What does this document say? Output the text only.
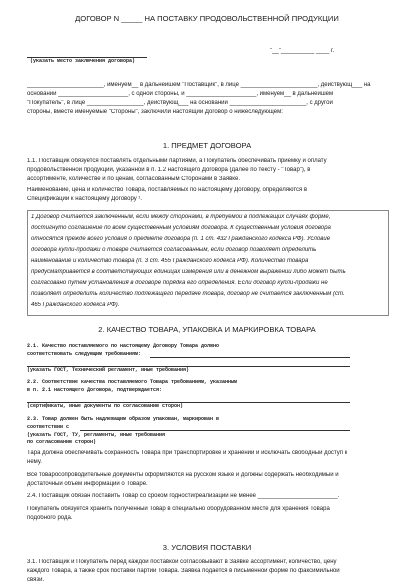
ДОГОВОР N _____ НА ПОСТАВКУ ПРОДОВОЛЬСТВЕННОЙ ПРОДУКЦИИ
"__"__________ ____ г.
(указать место заключения договора)
_______________________, именуем__ в дальнейшем "Поставщик", в лице _______________________, действующ___ на
основании _____________________, с одной стороны, и _____________________, именуем__ в дальнейшем
"Покупатель", в лице _________________, действующ___ на основании _______________________, с другой
стороны, вместе именуемые "Стороны", заключили настоящий Договор о нижеследующем:
1. ПРЕДМЕТ ДОГОВОРА
1.1. Поставщик обязуется поставлять отдельными партиями, а Покупатель обеспечивать приемку и оплату
продовольственной продукции, указанной в п. 1.2 настоящего Договора (далее по тексту - "Товар"), в
ассортименте, количестве и по ценам, согласованным Сторонами в Заявке.
Наименование, цена и количество Товара, поставляемых по настоящему Договору, определяются в
Спецификации к настоящему Договору ¹.
1 Договор считается заключенным, если между сторонами, в требуемой в подлежащих случаях форме,
достигнуто соглашение по всем существенным условиям договора. К существенным условия договора
относятся прежде всего условия о предмете договора (п. 1 ст. 432 Гражданского кодекса РФ). Условие
договора купли-продажи о товаре считается согласованным, если договор позволяет определить
наименование и количество товара (п. 3 ст. 455 Гражданского кодекса РФ). Количество товара
предусматривается в соответствующих единицах измерения или в денежном выражении либо может быть
согласовано путем установления в договоре порядка его определения. Если договор купли-продажи не
позволяет определить количество подлежащего передаче товара, договор не считается заключенным (ст.
465 Гражданского кодекса РФ).
2. КАЧЕСТВО ТОВАРА, УПАКОВКА И МАРКИРОВКА ТОВАРА
2.1. Качество поставляемого по настоящему Договору Товара должно
соответствовать следующим требованиям:
(указать ГОСТ, Технический регламент, иные требования)
2.2. Соответствие качества поставляемого Товара требованиям, указанным
в п. 2.1 настоящего Договора, подтверждается:
(сертификаты, иные документы по согласованию сторон)
2.3. Товар должен быть надлежащим образом упакован, маркирован в
соответствии с
(указать ГОСТ, ТУ, регламенты, иные требования
по согласованию сторон)
Тара должна обеспечивать сохранность Товара при транспортировке и хранении и исключать свободный доступ к
нему.
Все товаросопроводительные документы оформляются на русском языке и должны содержать необходимый и
достаточный объем информации о Товаре.
2.4. Поставщик обязан поставить Товар со сроком годности/реализации не менее ________________________.
Покупатель обязуется хранить полученный Товар в специально оборудованном месте для хранения Товара
подобного рода.
3. УСЛОВИЯ ПОСТАВКИ
3.1. Поставщик и Покупатель перед каждой поставкой согласовывают в Заявке ассортимент, количество, цену
каждого Товара, а также срок поставки партии Товара. Заявка подается в письменной форме по факсимильной
связи.
